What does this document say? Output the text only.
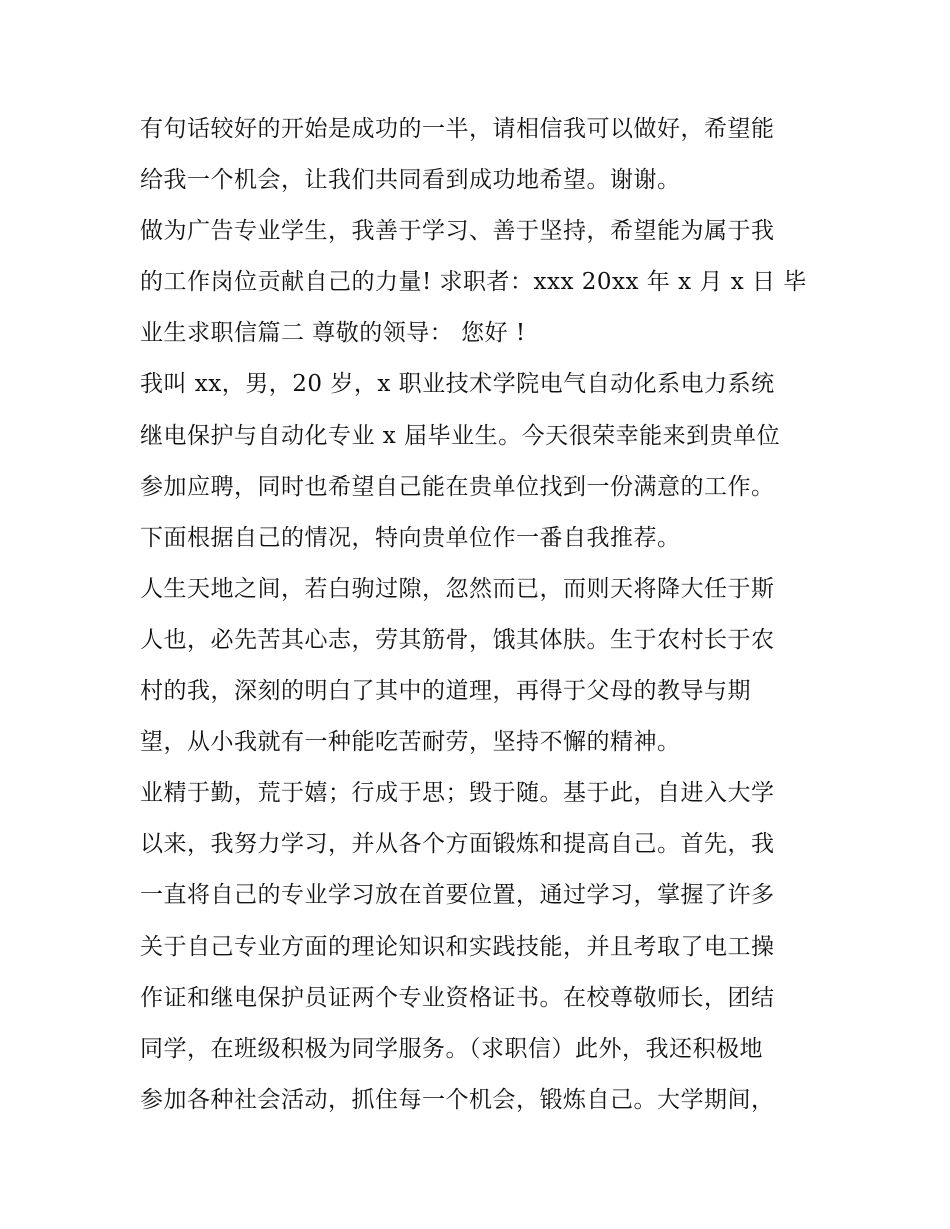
有句话较好的开始是成功的一半，请相信我可以做好，希望能
给我一个机会，让我们共同看到成功地希望。谢谢。
做为广告专业学生，我善于学习、善于坚持，希望能为属于我
的工作岗位贡献自己的力量! 求职者：xxx 20xx 年 x 月 x 日 毕
业生求职信篇二 尊敬的领导： 您好 !
我叫 xx，男，20 岁，x 职业技术学院电气自动化系电力系统
继电保护与自动化专业 x 届毕业生。今天很荣幸能来到贵单位
参加应聘，同时也希望自己能在贵单位找到一份满意的工作。
下面根据自己的情况，特向贵单位作一番自我推荐。
人生天地之间，若白驹过隙，忽然而已，而则天将降大任于斯
人也，必先苦其心志，劳其筋骨，饿其体肤。生于农村长于农
村的我，深刻的明白了其中的道理，再得于父母的教导与期
望，从小我就有一种能吃苦耐劳，坚持不懈的精神。
业精于勤，荒于嬉；行成于思；毁于随。基于此，自进入大学
以来，我努力学习，并从各个方面锻炼和提高自己。首先，我
一直将自己的专业学习放在首要位置，通过学习，掌握了许多
关于自己专业方面的理论知识和实践技能，并且考取了电工操
作证和继电保护员证两个专业资格证书。在校尊敬师长，团结
同学，在班级积极为同学服务。（求职信）此外，我还积极地
参加各种社会活动，抓住每一个机会，锻炼自己。大学期间，
